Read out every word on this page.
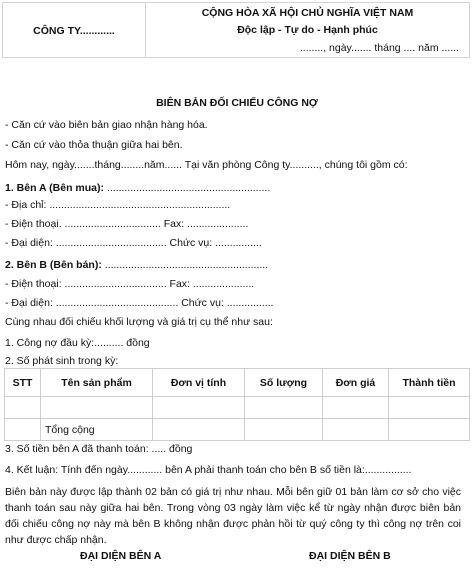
CÔNG TY............

CỘNG HÒA XÃ HỘI CHỦ NGHĨA VIỆT NAM
Độc lập - Tự do - Hạnh phúc
........, ngày....... tháng .... năm ......
BIÊN BẢN ĐỐI CHIẾU CÔNG NỢ
- Căn cứ vào biên bản giao nhận hàng hóa.
- Căn cứ vào thỏa thuận giữa hai bên.
Hôm nay, ngày.......tháng........năm...... Tại văn phòng Công ty.........., chúng tôi gồm có:
1. Bên A (Bên mua): ........................................................
- Địa chỉ: ..............................................................
- Điện thoại. ................................. Fax: .....................
- Đại diện: ...................................... Chức vụ: ................
2. Bên B (Bên bán): ........................................................
- Điện thoại: ................................... Fax: .....................
- Đại diện: .......................................... Chức vụ: ................
Cùng nhau đối chiếu khối lượng và giá trị cụ thể như sau:
1. Công nợ đầu kỳ:.......... đồng
2. Số phát sinh trong kỳ:
STT	Tên sản phẩm	Đơn vị tính	Số lượng	Đơn giá	Thành tiền

	Tổng cộng				
3. Số tiền bên A đã thanh toán: ..... đồng
4. Kết luận: Tính đến ngày............ bên A phải thanh toán cho bên B số tiền là:................
Biên bản này được lập thành 02 bản có giá trị như nhau. Mỗi bên giữ 01 bản làm cơ sở cho việc thanh toán sau này giữa hai bên. Trong vòng 03 ngày làm việc kể từ ngày nhận được biên bản đối chiếu công nợ này mà bên B không nhận được phản hồi từ quý công ty thì công nợ trên coi như được chấp nhận.
ĐẠI DIỆN BÊN A	ĐẠI DIỆN BÊN B
